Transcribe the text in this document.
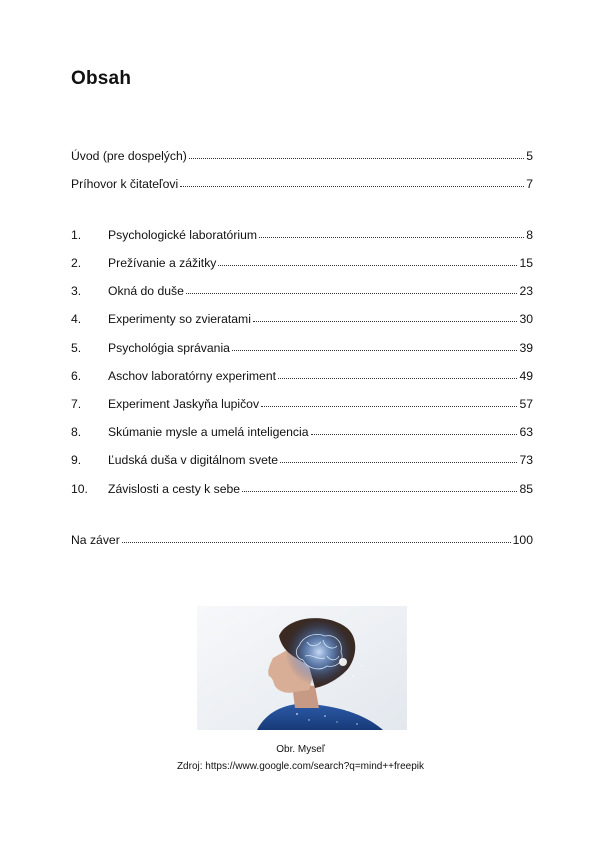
Obsah
Úvod (pre dospelých)	5
Príhovor k čitateľovi	7
1.	Psychologické laboratórium	8
2.	Prežívanie a zážitky	15
3.	Okná do duše	23
4.	Experimenty so zvieratami	30
5.	Psychológia správania	39
6.	Aschov laboratórny experiment	49
7.	Experiment Jaskyňa lupičov	57
8.	Skúmanie mysle a umelá inteligencia	63
9.	Ľudská duša v digitálnom svete	73
10.	Závislosti a cesty k sebe	85
Na záver	100
Obr. Myseľ
Zdroj: https://www.google.com/search?q=mind++freepik
